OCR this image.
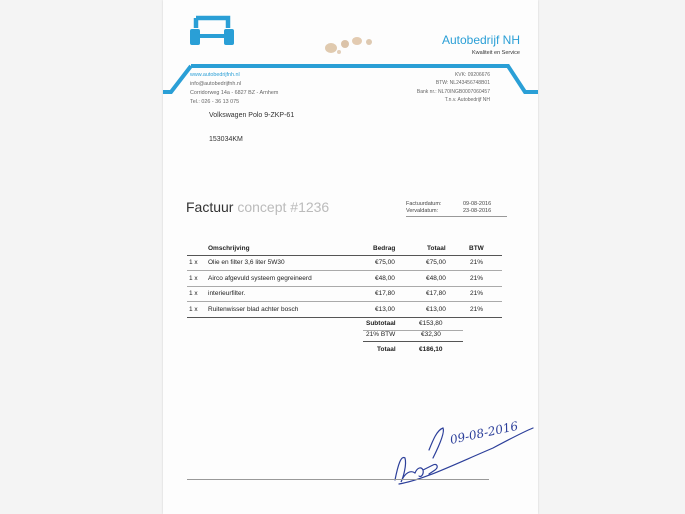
Autobedrijf NH
Kwaliteit en Service
www.autobedrijfnh.nl
info@autobedrijfnh.nl
Corridorweg 14a - 6827 BZ - Arnhem
Tel.: 026 - 36 13 075
KVK: 09206676
BTW: NL243456748B01
Bank nr.: NL70INGB0007060457
T.n.v. Autobedrijf NH
Volkswagen Polo 9-ZKP-61
153034KM
Factuur concept #1236	Factuurdatum:	09-08-2016
Vervaldatum:	23-08-2016
Omschrijving	Bedrag	Totaal	BTW
1 x Olie en filter 3,6 liter 5W30	€75,00	€75,00	21%
1 x Airco afgevuld systeem gegreineerd	€48,00	€48,00	21%
1 x interieurfilter.	€17,80	€17,80	21%
1 x Ruitenwisser blad achter bosch	€13,00	€13,00	21%
Subtotaal	€153,80
21% BTW	€32,30
Totaal	€186,10
09-08-2016
